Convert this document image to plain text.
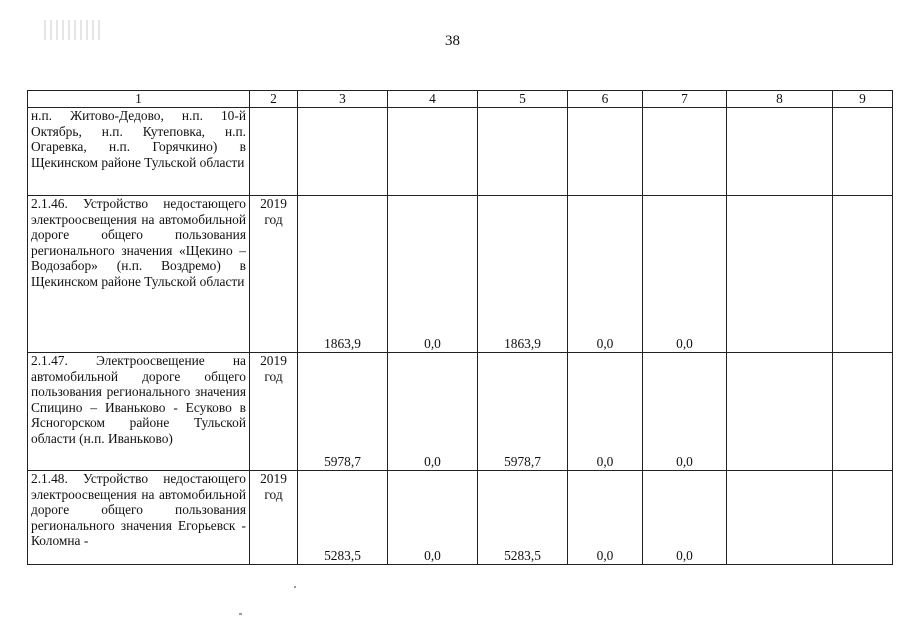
38
1	2	3	4	5	6	7	8	9
н.п. Житово-Дедово, н.п. 10-й Октябрь, н.п. Кутеповка, н.п. Огаревка, н.п. Горячкино) в Щекинском районе Тульской области								
2.1.46. Устройство недостающего электроосвещения на автомобильной дороге общего пользования регионального значения «Щекино – Водозабор» (н.п. Воздремо) в Щекинском районе Тульской области	2019 год	1863,9	0,0	1863,9	0,0	0,0		
2.1.47. Электроосвещение на автомобильной дороге общего пользования регионального значения Спицино – Иваньково - Есуково в Ясногорском районе Тульской области (н.п. Иваньково)	2019 год	5978,7	0,0	5978,7	0,0	0,0		
2.1.48. Устройство недостающего электроосвещения на автомобильной дороге общего пользования регионального значения Егорьевск - Коломна -	2019 год	5283,5	0,0	5283,5	0,0	0,0		
